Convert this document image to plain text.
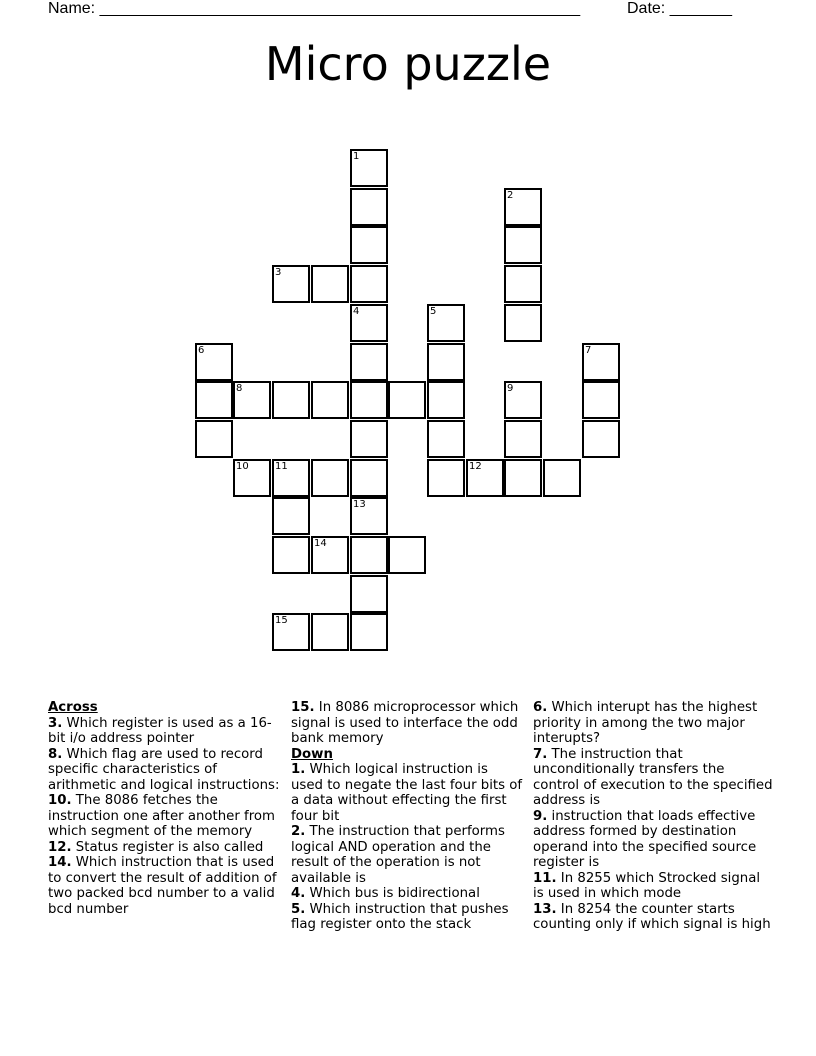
Name: ______________________________________________________	Date: _______
Micro puzzle
1
2
3
4	5
6	7
8	9
10	11	12
13
14
15
Across
3. Which register is used as a 16-bit i/o address pointer
8. Which flag are used to record specific characteristics of arithmetic and logical instructions:
10. The 8086 fetches the instruction one after another from which segment of the memory
12. Status register is also called
14. Which instruction that is used to convert the result of addition of two packed bcd number to a valid bcd number
15. In 8086 microprocessor which signal is used to interface the odd bank memory
Down
1. Which logical instruction is used to negate the last four bits of a data without effecting the first four bit
2. The instruction that performs logical AND operation and the result of the operation is not available is
4. Which bus is bidirectional
5. Which instruction that pushes flag register onto the stack
6. Which interupt has the highest priority in among the two major interupts?
7. The instruction that unconditionally transfers the control of execution to the specified address is
9. instruction that loads effective address formed by destination operand into the specified source register is
11. In 8255 which Strocked signal is used in which mode
13. In 8254 the counter starts counting only if which signal is high
